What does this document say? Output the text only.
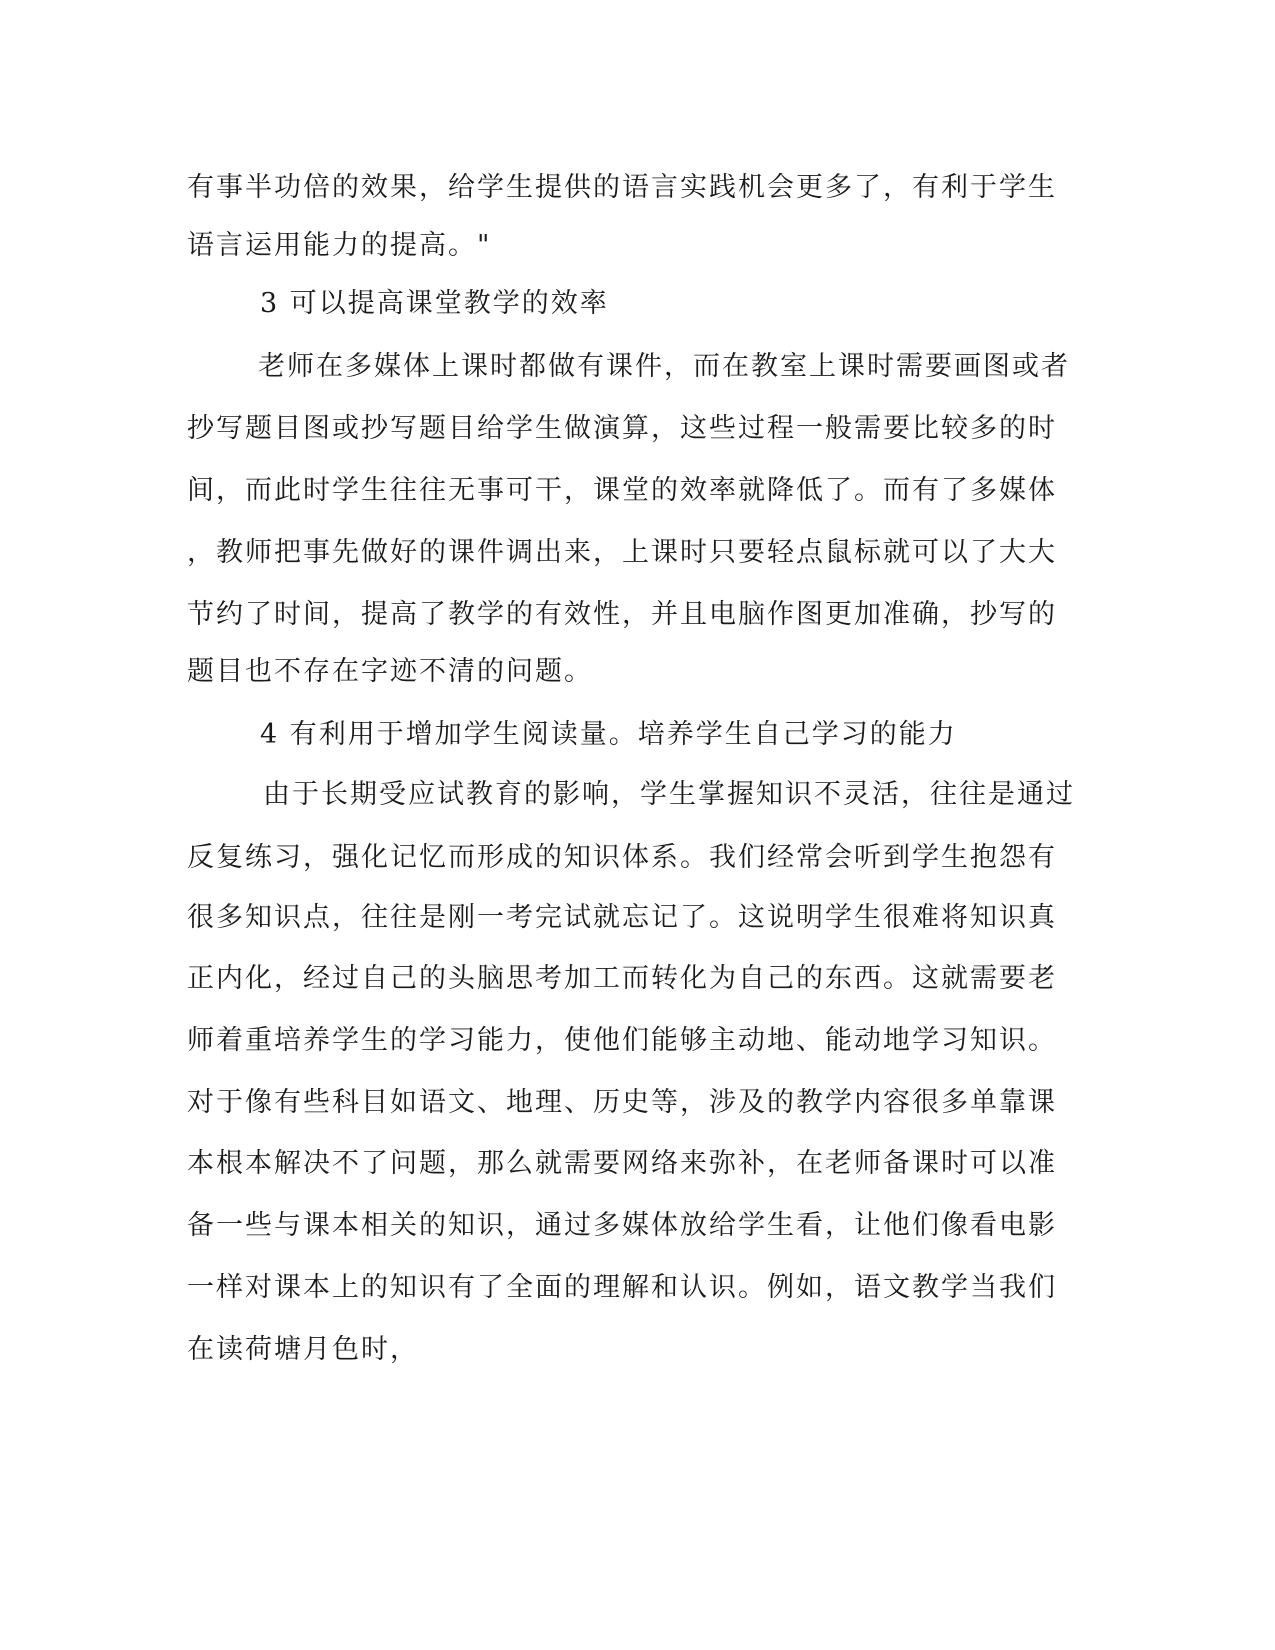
有事半功倍的效果，给学生提供的语言实践机会更多了，有利于学生
语言运用能力的提高。"
3 可以提高课堂教学的效率
老师在多媒体上课时都做有课件，而在教室上课时需要画图或者
抄写题目图或抄写题目给学生做演算，这些过程一般需要比较多的时
间，而此时学生往往无事可干，课堂的效率就降低了。而有了多媒体
，教师把事先做好的课件调出来，上课时只要轻点鼠标就可以了大大
节约了时间，提高了教学的有效性，并且电脑作图更加准确，抄写的
题目也不存在字迹不清的问题。
4 有利用于增加学生阅读量。培养学生自己学习的能力
由于长期受应试教育的影响，学生掌握知识不灵活，往往是通过
反复练习，强化记忆而形成的知识体系。我们经常会听到学生抱怨有
很多知识点，往往是刚一考完试就忘记了。这说明学生很难将知识真
正内化，经过自己的头脑思考加工而转化为自己的东西。这就需要老
师着重培养学生的学习能力，使他们能够主动地、能动地学习知识。
对于像有些科目如语文、地理、历史等，涉及的教学内容很多单靠课
本根本解决不了问题，那么就需要网络来弥补，在老师备课时可以准
备一些与课本相关的知识，通过多媒体放给学生看，让他们像看电影
一样对课本上的知识有了全面的理解和认识。例如，语文教学当我们
在读荷塘月色时，
